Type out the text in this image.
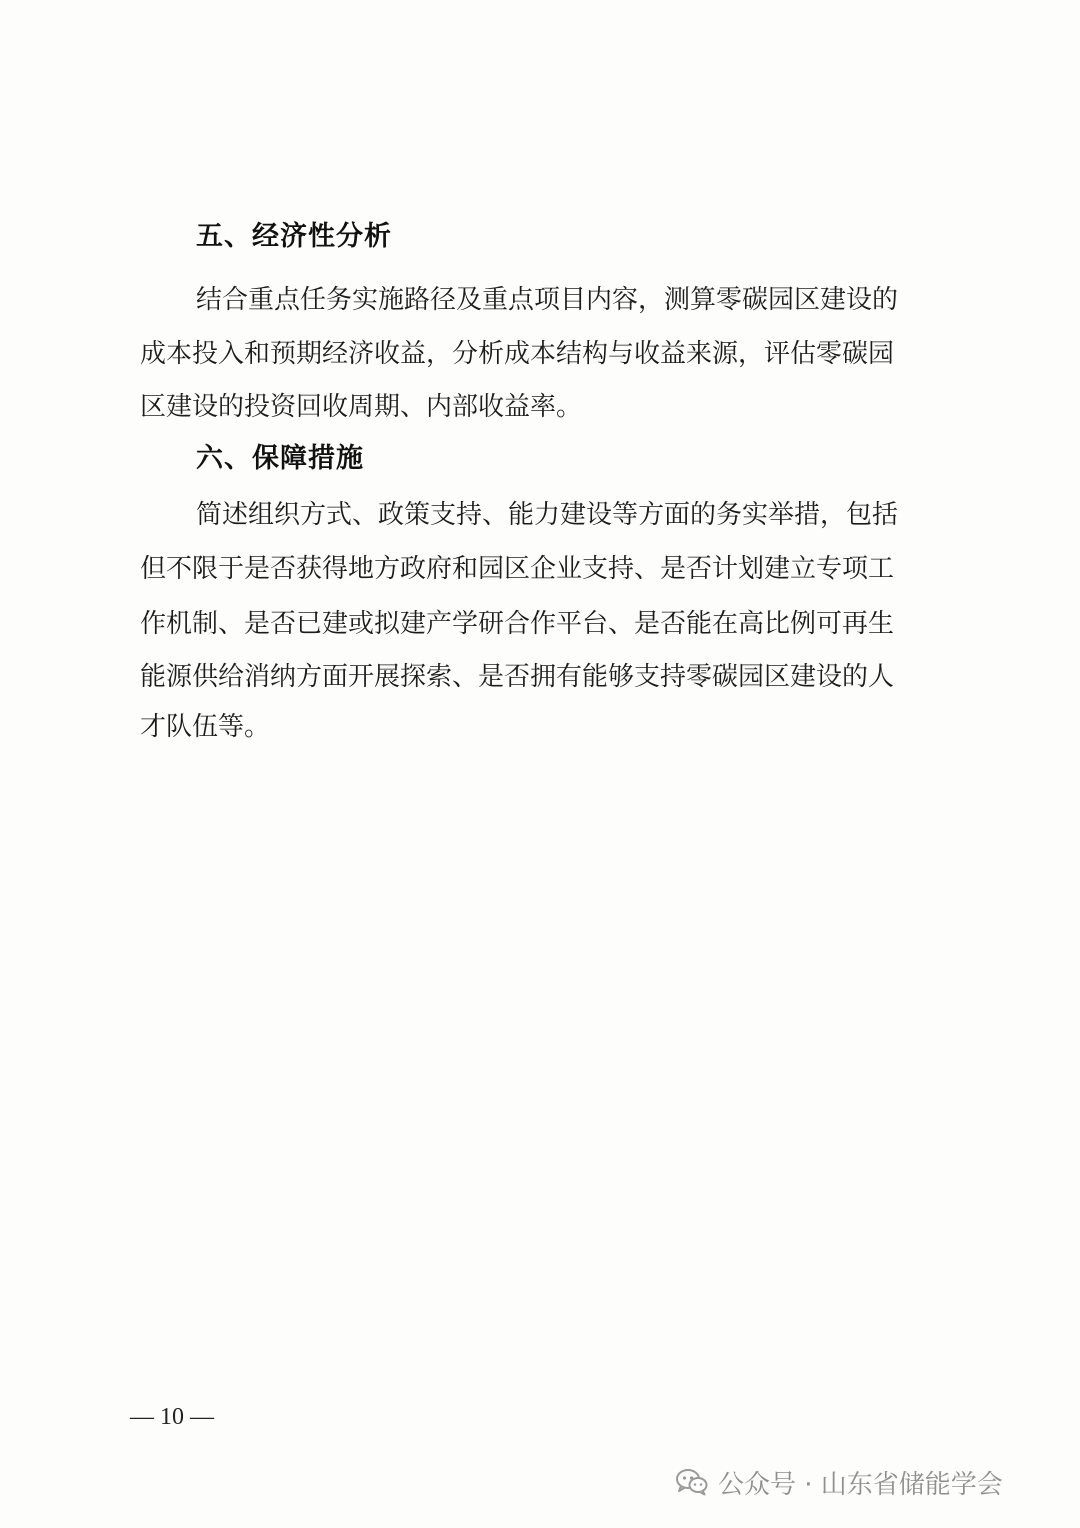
五、经济性分析
结合重点任务实施路径及重点项目内容，测算零碳园区建设的
成本投入和预期经济收益，分析成本结构与收益来源，评估零碳园
区建设的投资回收周期、内部收益率。
六、保障措施
简述组织方式、政策支持、能力建设等方面的务实举措，包括
但不限于是否获得地方政府和园区企业支持、是否计划建立专项工
作机制、是否已建或拟建产学研合作平台、是否能在高比例可再生
能源供给消纳方面开展探索、是否拥有能够支持零碳园区建设的人
才队伍等。
— 10 —
公众号 · 山东省储能学会
